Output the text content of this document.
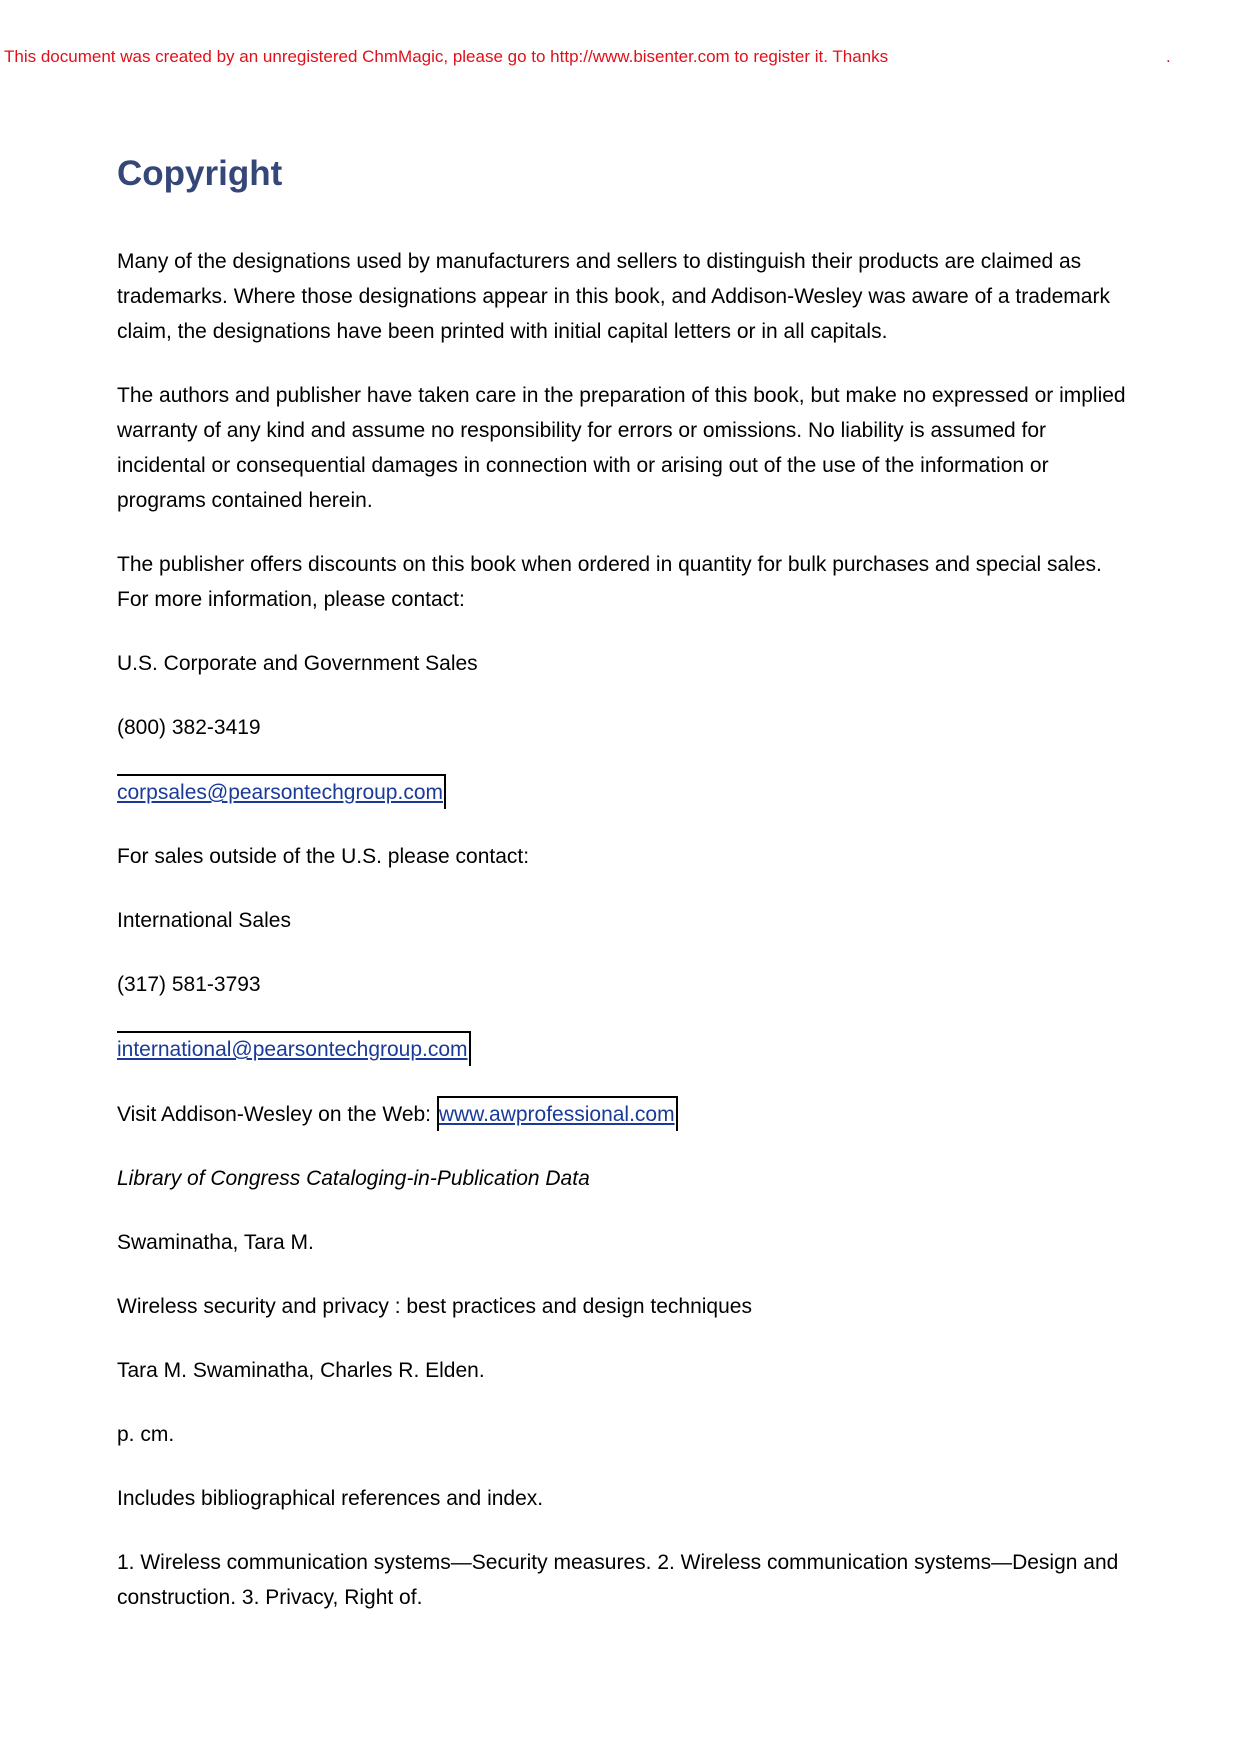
This document was created by an unregistered ChmMagic, please go to http://www.bisenter.com to register it. Thanks	.
Copyright

Many of the designations used by manufacturers and sellers to distinguish their products are claimed as trademarks. Where those designations appear in this book, and Addison-Wesley was aware of a trademark claim, the designations have been printed with initial capital letters or in all capitals.

The authors and publisher have taken care in the preparation of this book, but make no expressed or implied warranty of any kind and assume no responsibility for errors or omissions. No liability is assumed for incidental or consequential damages in connection with or arising out of the use of the information or programs contained herein.

The publisher offers discounts on this book when ordered in quantity for bulk purchases and special sales. For more information, please contact:

U.S. Corporate and Government Sales

(800) 382-3419

corpsales@pearsontechgroup.com

For sales outside of the U.S. please contact:

International Sales

(317) 581-3793

international@pearsontechgroup.com

Visit Addison-Wesley on the Web: www.awprofessional.com

Library of Congress Cataloging-in-Publication Data

Swaminatha, Tara M.

Wireless security and privacy : best practices and design techniques

Tara M. Swaminatha, Charles R. Elden.

p. cm.

Includes bibliographical references and index.

1. Wireless communication systems—Security measures. 2. Wireless communication systems—Design and construction. 3. Privacy, Right of.
